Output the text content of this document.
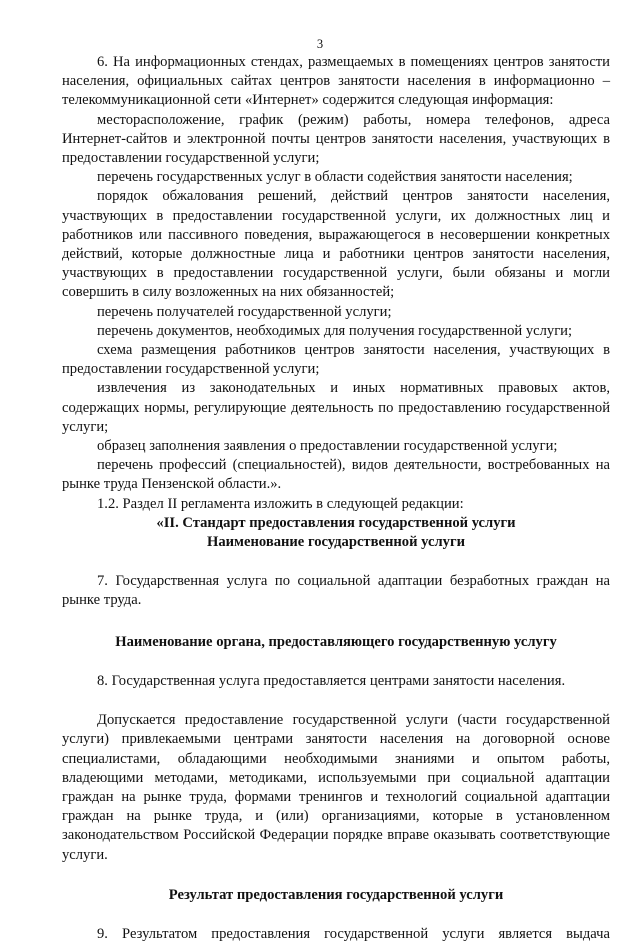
3

6. На информационных стендах, размещаемых в помещениях центров занятости населения, официальных сайтах центров занятости населения в информационно – телекоммуникационной сети «Интернет» содержится следующая информация:

месторасположение, график (режим) работы, номера телефонов, адреса Интернет-сайтов и электронной почты центров занятости населения, участвующих в предоставлении государственной услуги;

перечень государственных услуг в области содействия занятости населения;

порядок обжалования решений, действий центров занятости населения, участвующих в предоставлении государственной услуги, их должностных лиц и работников или пассивного поведения, выражающегося в несовершении конкретных действий, которые должностные лица и работники центров занятости населения, участвующих в предоставлении государственной услуги, были обязаны и могли совершить в силу возложенных на них обязанностей;

перечень получателей государственной услуги;

перечень документов, необходимых для получения государственной услуги;

схема размещения работников центров занятости населения, участвующих в предоставлении государственной услуги;

извлечения из законодательных и иных нормативных правовых актов, содержащих нормы, регулирующие деятельность по предоставлению государственной услуги;

образец заполнения заявления о предоставлении государственной услуги;

перечень профессий (специальностей), видов деятельности, востребованных на рынке труда Пензенской области.».

1.2. Раздел II регламента изложить в следующей редакции:

«II. Стандарт предоставления государственной услуги
Наименование государственной услуги

7. Государственная услуга по социальной адаптации безработных граждан на рынке труда.

Наименование органа, предоставляющего государственную услугу

8. Государственная услуга предоставляется центрами занятости населения.

Допускается предоставление государственной услуги (части государственной услуги) привлекаемыми центрами занятости населения на договорной основе специалистами, обладающими необходимыми знаниями и опытом работы, владеющими методами, методиками, используемыми при социальной адаптации граждан на рынке труда, формами тренингов и технологий социальной адаптации граждан на рынке труда, и (или) организациями, которые в установленном законодательством Российской Федерации порядке вправе оказывать соответствующие услуги.

Результат предоставления государственной услуги

9. Результатом предоставления государственной услуги является выдача
